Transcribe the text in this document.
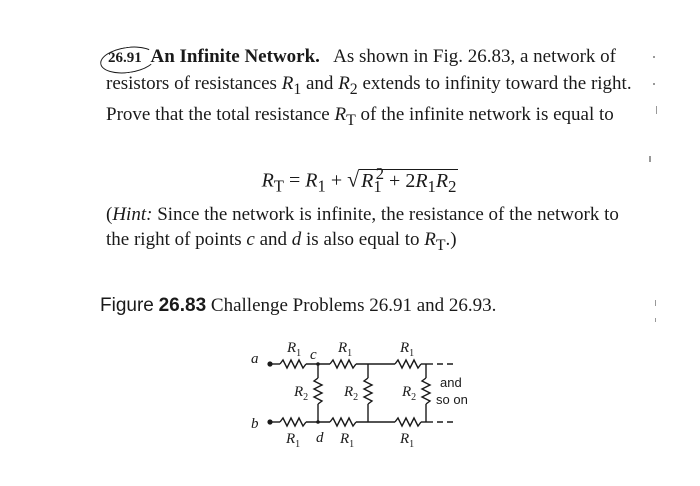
26.91 An Infinite Network.   As shown in Fig. 26.83, a network of resistors of resistances $R_1$ and $R_2$ extends to infinity toward the right. Prove that the total resistance $R_T$ of the infinite network is equal to
$R_T = R_1$ + √ $R_1^2 + 2R_1R_2$
(Hint: Since the network is infinite, the resistance of the network to the right of points c and d is also equal to $R_T$.)
Figure 26.83 Challenge Problems 26.91 and 26.93.
a
b
c
d
$R_1$ $R_1$	$R_1$
$R_1$	$R_1$	$R_1$
$R_2$ $R_2$	$R_2$
and
so on
